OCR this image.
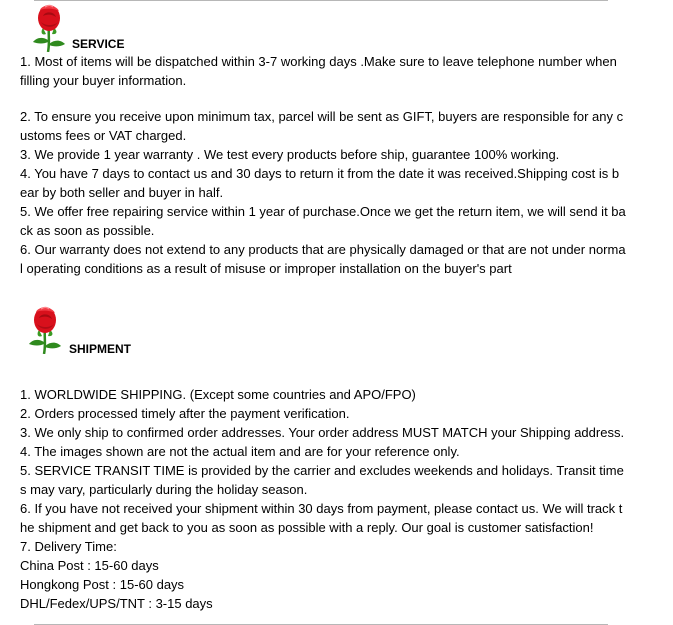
SERVICE
1. Most of items will be dispatched within 3-7 working days .Make sure to leave telephone number when
filling your buyer information.
2. To ensure you receive upon minimum tax, parcel will be sent as GIFT, buyers are responsible for any c
ustoms fees or VAT charged.
3. We provide 1 year warranty . We test every products before ship, guarantee 100% working.
4. You have 7 days to contact us and 30 days to return it from the date it was received.Shipping cost is b
ear by both seller and buyer in half.
5. We offer free repairing service within 1 year of purchase.Once we get the return item, we will send it ba
ck as soon as possible.
6. Our warranty does not extend to any products that are physically damaged or that are not under norma
l operating conditions as a result of misuse or improper installation on the buyer's part
SHIPMENT
1. WORLDWIDE SHIPPING. (Except some countries and APO/FPO)
2. Orders processed timely after the payment verification.
3. We only ship to confirmed order addresses. Your order address MUST MATCH your Shipping address.
4. The images shown are not the actual item and are for your reference only.
5. SERVICE TRANSIT TIME is provided by the carrier and excludes weekends and holidays. Transit time
s may vary, particularly during the holiday season.
6. If you have not received your shipment within 30 days from payment, please contact us. We will track t
he shipment and get back to you as soon as possible with a reply. Our goal is customer satisfaction!
7. Delivery Time:
China Post : 15-60 days
Hongkong Post : 15-60 days
DHL/Fedex/UPS/TNT : 3-15 days
